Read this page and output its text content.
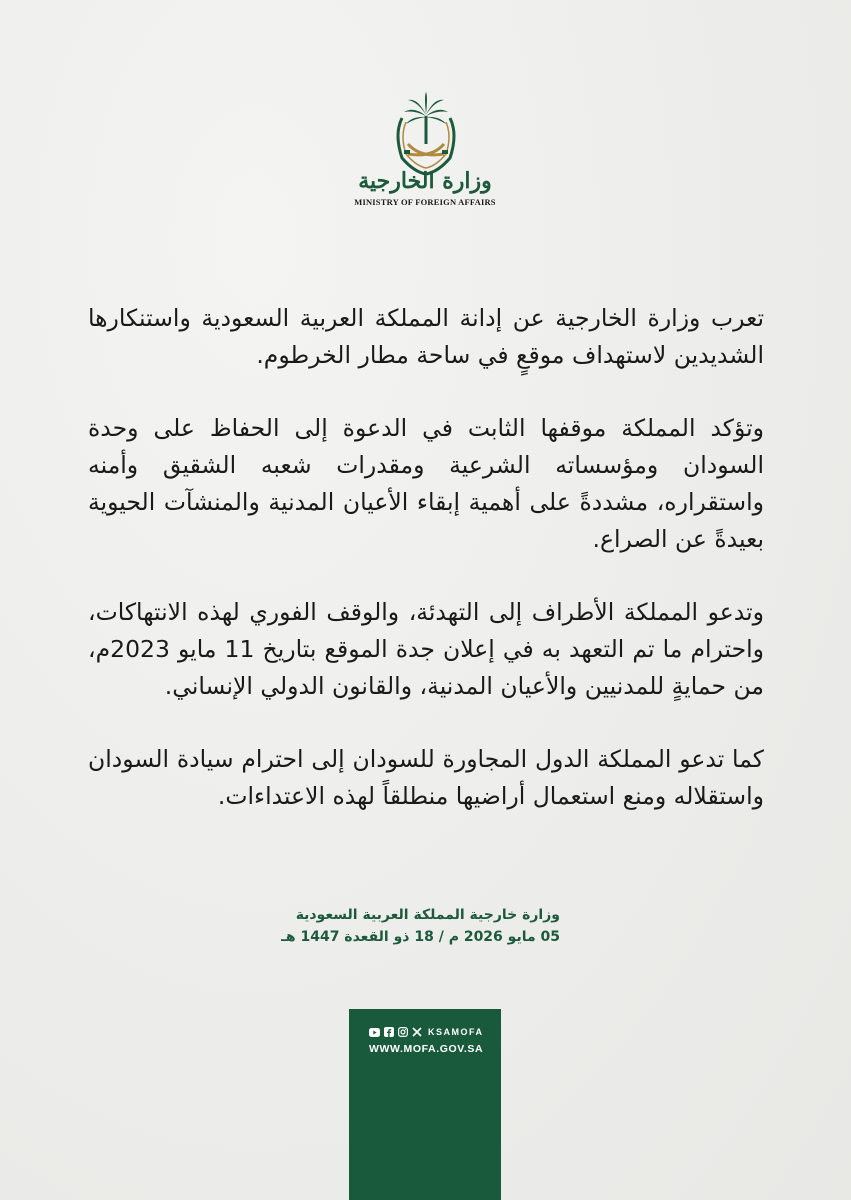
وزارة الخارجية
MINISTRY OF FOREIGN AFFAIRS

تعرب وزارة الخارجية عن إدانة المملكة العربية السعودية واستنكارها الشديدين لاستهداف موقعٍ في ساحة مطار الخرطوم.

وتؤكد المملكة موقفها الثابت في الدعوة إلى الحفاظ على وحدة السودان ومؤسساته الشرعية ومقدرات شعبه الشقيق وأمنه واستقراره، مشددةً على أهمية إبقاء الأعيان المدنية والمنشآت الحيوية بعيدةً عن الصراع.

وتدعو المملكة الأطراف إلى التهدئة، والوقف الفوري لهذه الانتهاكات، واحترام ما تم التعهد به في إعلان جدة الموقع بتاريخ 11 مايو 2023م، من حمايةٍ للمدنيين والأعيان المدنية، والقانون الدولي الإنساني.

كما تدعو المملكة الدول المجاورة للسودان إلى احترام سيادة السودان واستقلاله ومنع استعمال أراضيها منطلقاً لهذه الاعتداءات.

وزارة خارجية المملكة العربية السعودية
05 مايو 2026 م / 18 ذو القعدة 1447 هـ
KSAMOFA
WWW.MOFA.GOV.SA
